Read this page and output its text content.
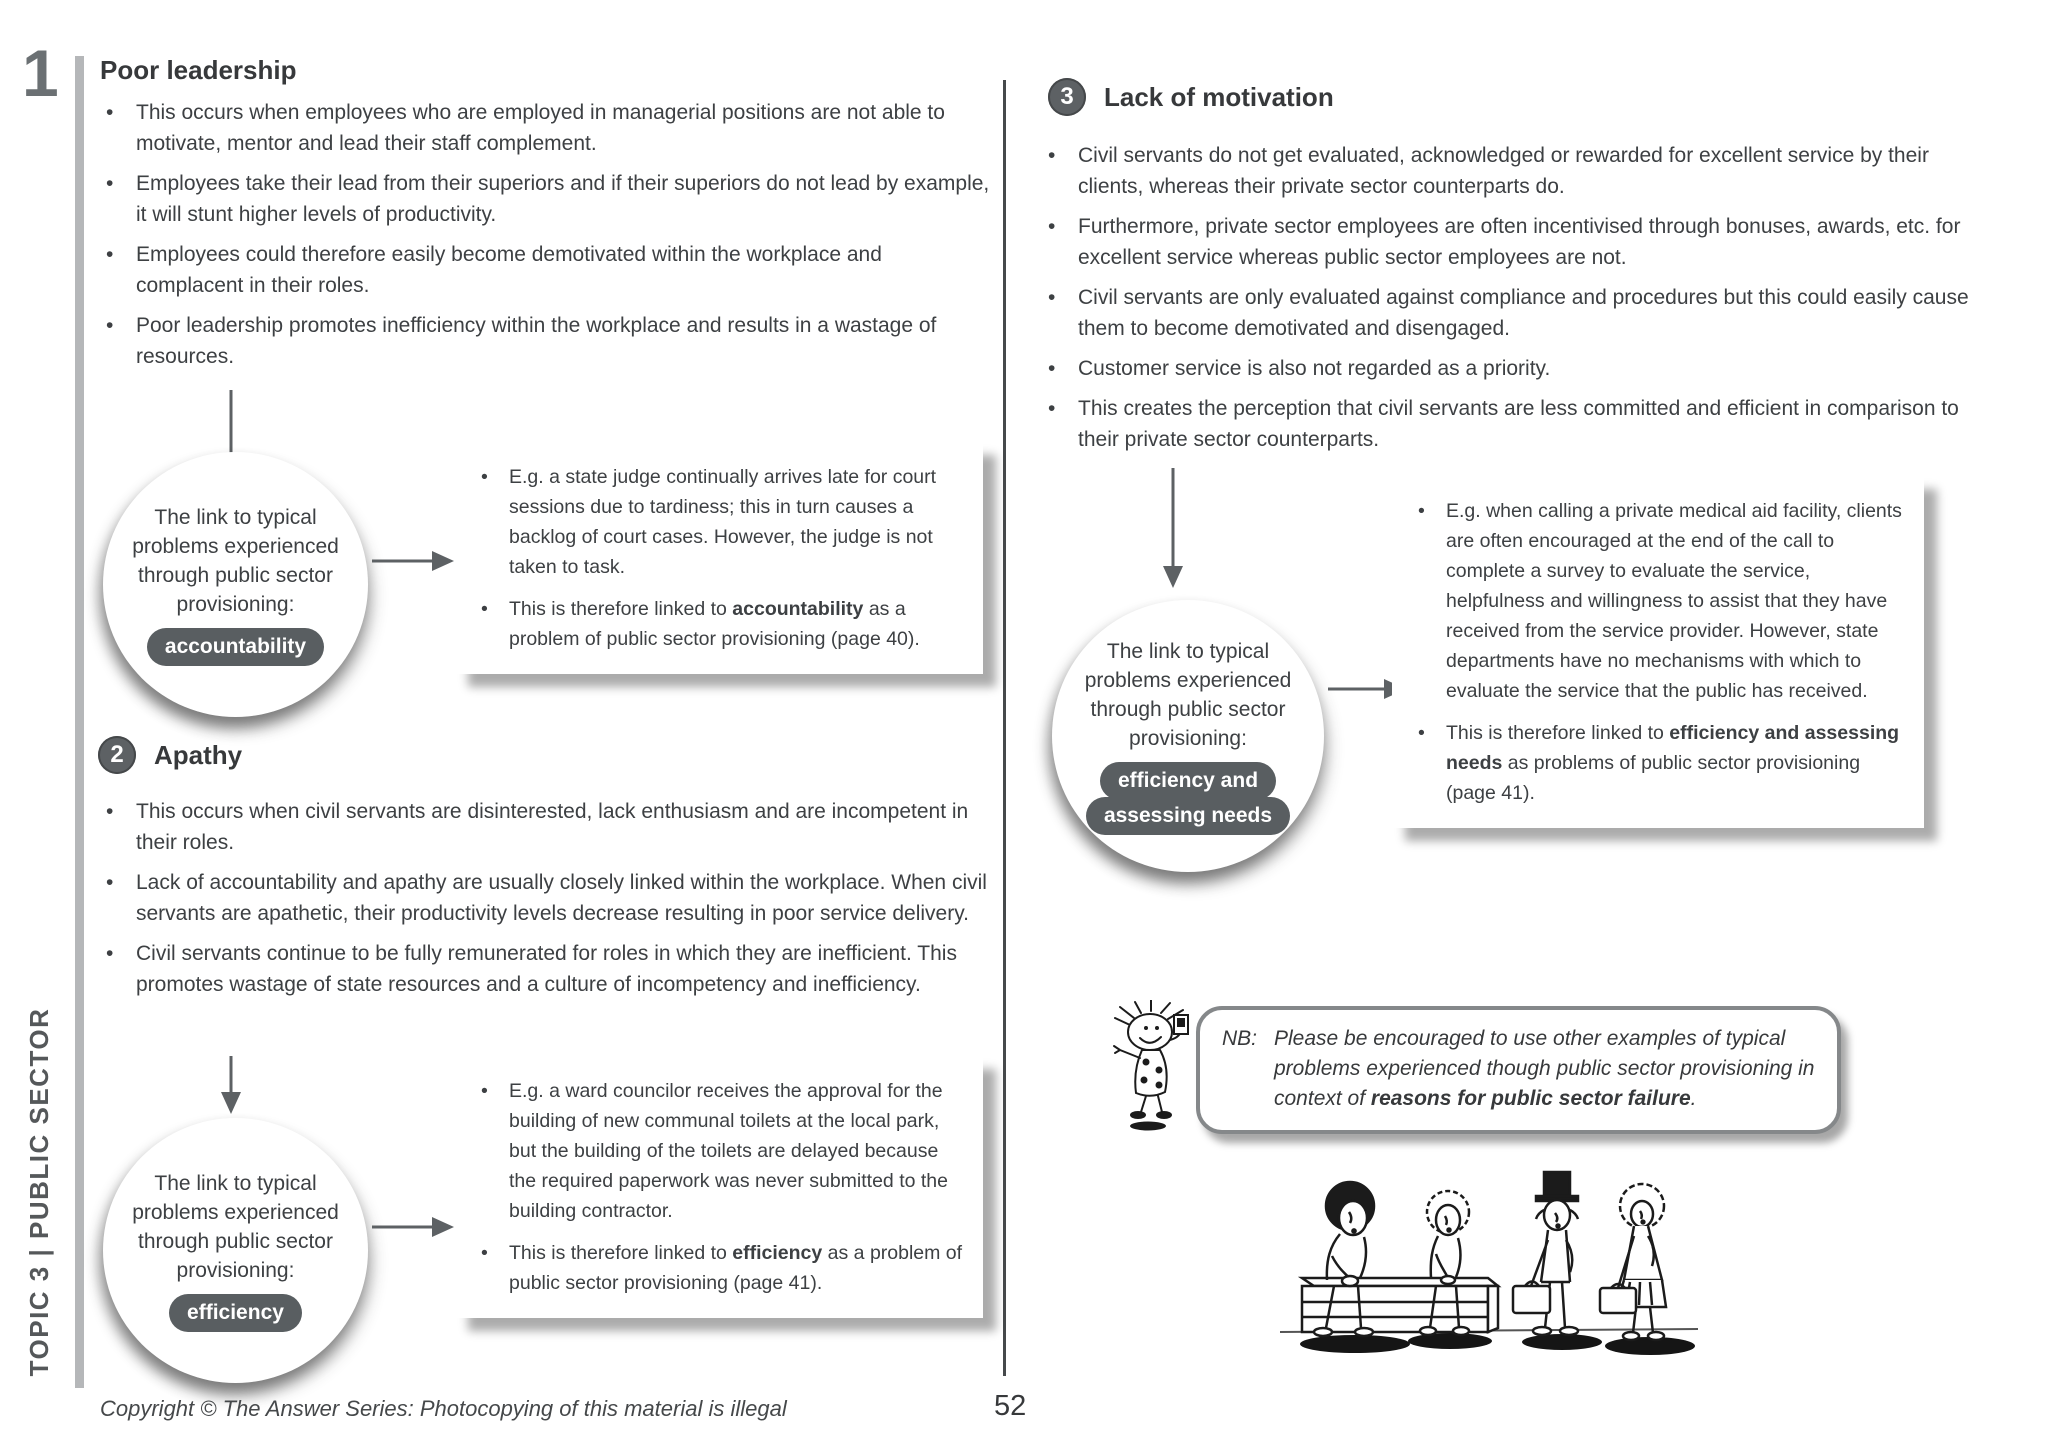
1
TOPIC 3 | PUBLIC SECTOR
Poor leadership
• This occurs when employees who are employed in managerial positions are not able to motivate, mentor and lead their staff complement.
• Employees take their lead from their superiors and if their superiors do not lead by example, it will stunt higher levels of productivity.
• Employees could therefore easily become demotivated within the workplace and complacent in their roles.
• Poor leadership promotes inefficiency within the workplace and results in a wastage of resources.
The link to typical problems experienced through public sector provisioning:
accountability
• E.g. a state judge continually arrives late for court sessions due to tardiness; this in turn causes a backlog of court cases. However, the judge is not taken to task.
• This is therefore linked to accountability as a problem of public sector provisioning (page 40).
2	Apathy
• This occurs when civil servants are disinterested, lack enthusiasm and are incompetent in their roles.
• Lack of accountability and apathy are usually closely linked within the workplace. When civil servants are apathetic, their productivity levels decrease resulting in poor service delivery.
• Civil servants continue to be fully remunerated for roles in which they are inefficient. This promotes wastage of state resources and a culture of incompetency and inefficiency.
The link to typical problems experienced through public sector provisioning:
efficiency
• E.g. a ward councilor receives the approval for the building of new communal toilets at the local park, but the building of the toilets are delayed because the required paperwork was never submitted to the building contractor.
• This is therefore linked to efficiency as a problem of public sector provisioning (page 41).
3	Lack of motivation
• Civil servants do not get evaluated, acknowledged or rewarded for excellent service by their clients, whereas their private sector counterparts do.
• Furthermore, private sector employees are often incentivised through bonuses, awards, etc. for excellent service whereas public sector employees are not.
• Civil servants are only evaluated against compliance and procedures but this could easily cause them to become demotivated and disengaged.
• Customer service is also not regarded as a priority.
• This creates the perception that civil servants are less committed and efficient in comparison to their private sector counterparts.
The link to typical problems experienced through public sector provisioning:
efficiency and
assessing needs
• E.g. when calling a private medical aid facility, clients are often encouraged at the end of the call to complete a survey to evaluate the service, helpfulness and willingness to assist that they have received from the service provider. However, state departments have no mechanisms with which to evaluate the service that the public has received.
• This is therefore linked to efficiency and assessing needs as problems of public sector provisioning (page 41).
NB: Please be encouraged to use other examples of typical problems experienced though public sector provisioning in context of reasons for public sector failure.
Copyright © The Answer Series: Photocopying of this material is illegal	52
